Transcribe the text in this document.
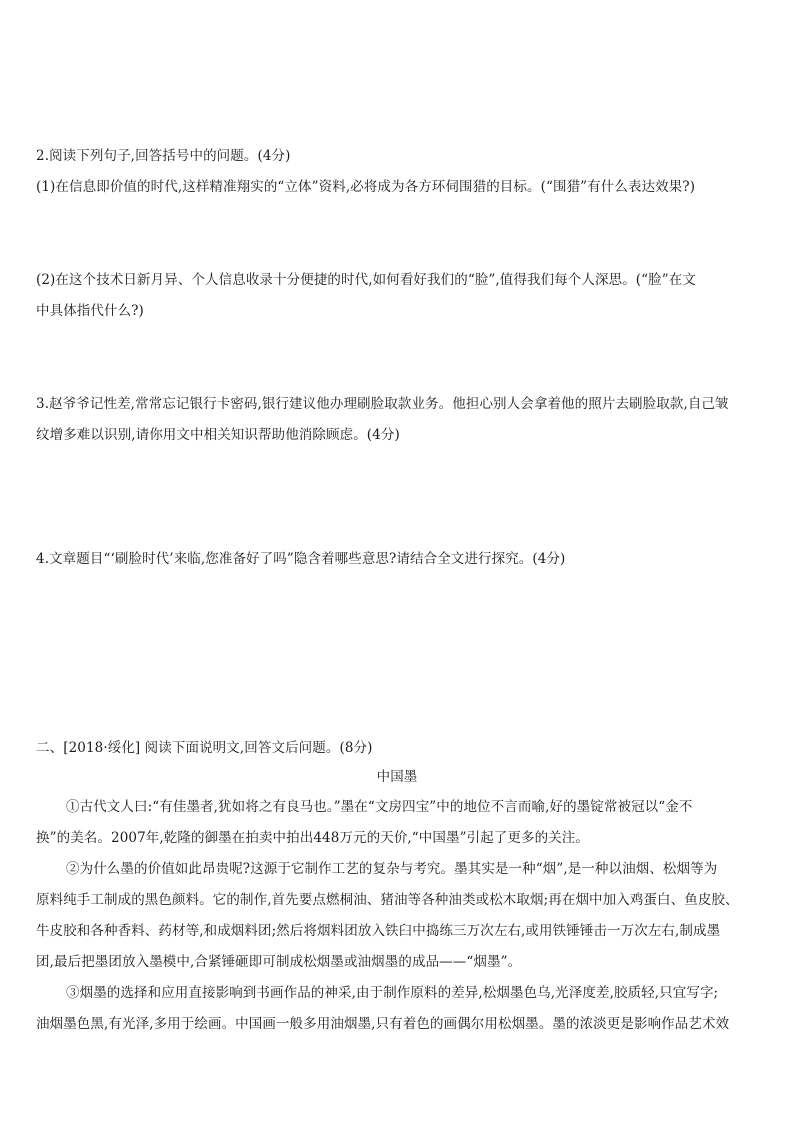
2.阅读下列句子,回答括号中的问题。(4分)
(1)在信息即价值的时代,这样精准翔实的“立体”资料,必将成为各方环伺围猎的目标。(“围猎”有什么表达效果?)
(2)在这个技术日新月异、个人信息收录十分便捷的时代,如何看好我们的“脸”,值得我们每个人深思。(“脸”在文
中具体指代什么?)
3.赵爷爷记性差,常常忘记银行卡密码,银行建议他办理刷脸取款业务。他担心别人会拿着他的照片去刷脸取款,自己皱
纹增多难以识别,请你用文中相关知识帮助他消除顾虑。(4分)
4.文章题目“‘刷脸时代’来临,您准备好了吗”隐含着哪些意思?请结合全文进行探究。(4分)
二、[2018·绥化] 阅读下面说明文,回答文后问题。(8分)
中国墨
①古代文人曰:“有佳墨者,犹如将之有良马也。”墨在“文房四宝”中的地位不言而喻,好的墨锭常被冠以“金不
换”的美名。2007年,乾隆的御墨在拍卖中拍出448万元的天价,“中国墨”引起了更多的关注。
②为什么墨的价值如此昂贵呢?这源于它制作工艺的复杂与考究。墨其实是一种“烟”,是一种以油烟、松烟等为
原料纯手工制成的黑色颜料。它的制作,首先要点燃桐油、猪油等各种油类或松木取烟;再在烟中加入鸡蛋白、鱼皮胶、
牛皮胶和各种香料、药材等,和成烟料团;然后将烟料团放入铁臼中捣练三万次左右,或用铁锤锤击一万次左右,制成墨
团,最后把墨团放入墨模中,合紧锤砸即可制成松烟墨或油烟墨的成品——“烟墨”。
③烟墨的选择和应用直接影响到书画作品的神采,由于制作原料的差异,松烟墨色乌,光泽度差,胶质轻,只宜写字;
油烟墨色黑,有光泽,多用于绘画。中国画一般多用油烟墨,只有着色的画偶尔用松烟墨。墨的浓淡更是影响作品艺术效
